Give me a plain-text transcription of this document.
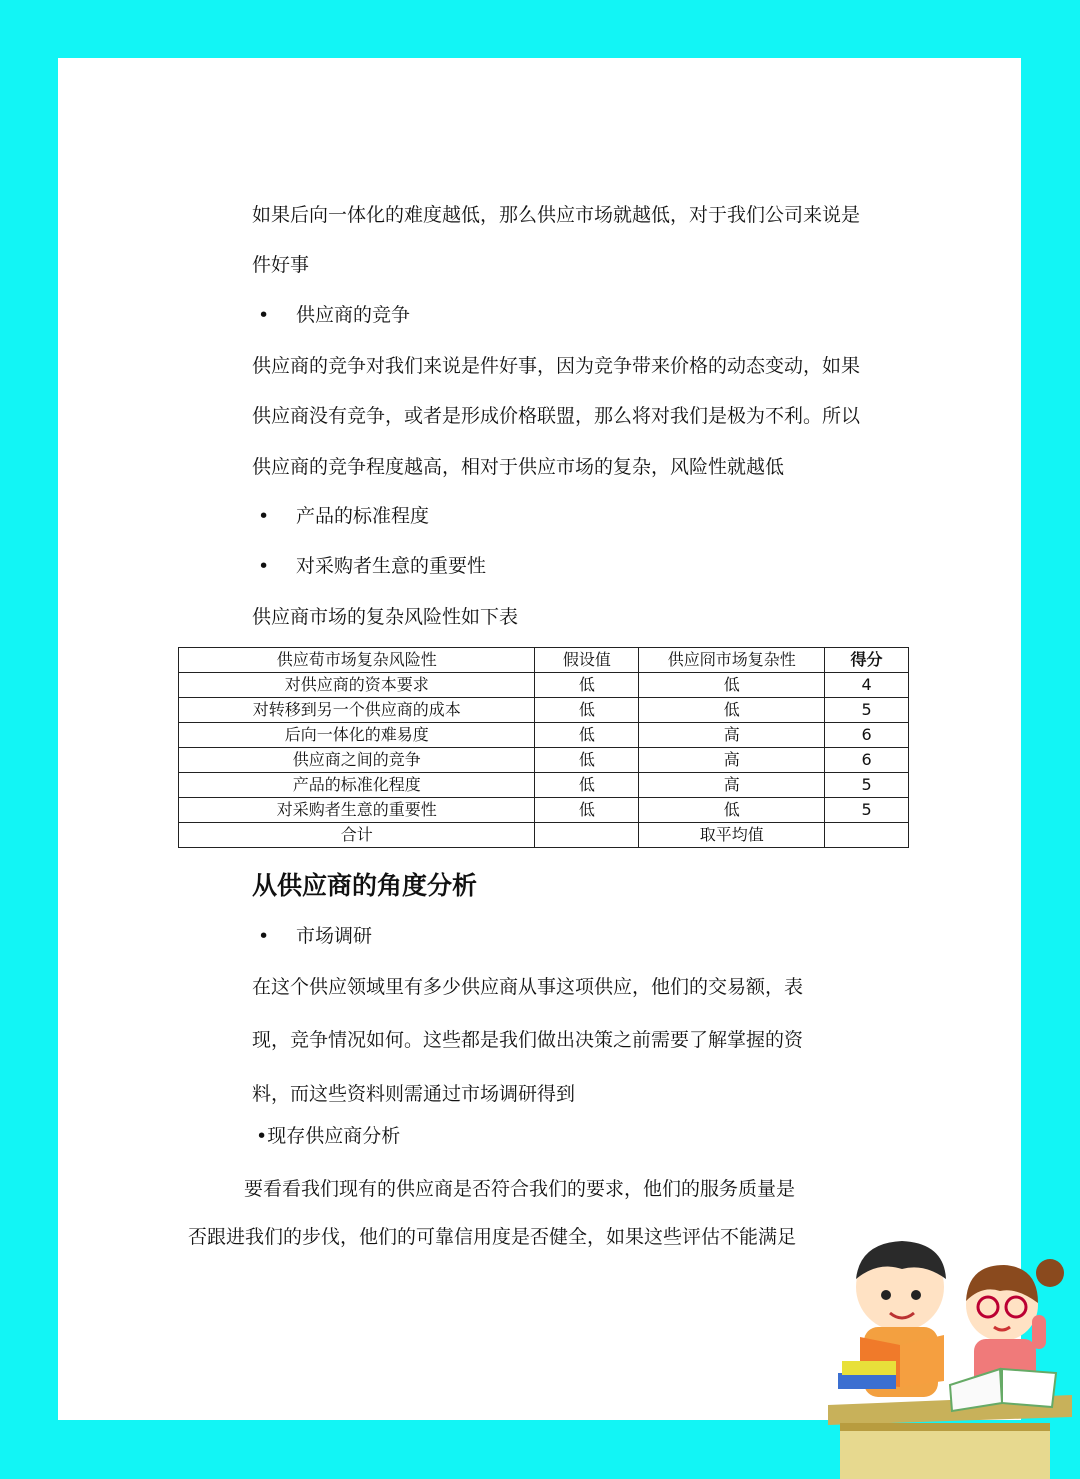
如果后向一体化的难度越低，那么供应市场就越低，对于我们公司来说是
件好事
• 供应商的竞争
供应商的竞争对我们来说是件好事，因为竞争带来价格的动态变动，如果
供应商没有竞争，或者是形成价格联盟，那么将对我们是极为不利。所以
供应商的竞争程度越高，相对于供应市场的复杂，风险性就越低
• 产品的标准程度
• 对采购者生意的重要性
供应商市场的复杂风险性如下表
供应荀市场复杂风险性	假设值	供应冏市场复杂性	得分
对供应商的资本要求	低	低	4
对转移到另一个供应商的成本	低	低	5
后向一体化的难易度	低	高	6
供应商之间的竞争	低	高	6
产品的标准化程度	低	高	5
对采购者生意的重要性	低	低	5
合计		取平均值	
从供应商的角度分析
• 市场调研
在这个供应领域里有多少供应商从事这项供应，他们的交易额，表
现，竞争情况如何。这些都是我们做出决策之前需要了解掌握的资
料，而这些资料则需通过市场调研得到
•现存供应商分析
要看看我们现有的供应商是否符合我们的要求，他们的服务质量是
否跟进我们的步伐，他们的可靠信用度是否健全，如果这些评估不能满足
